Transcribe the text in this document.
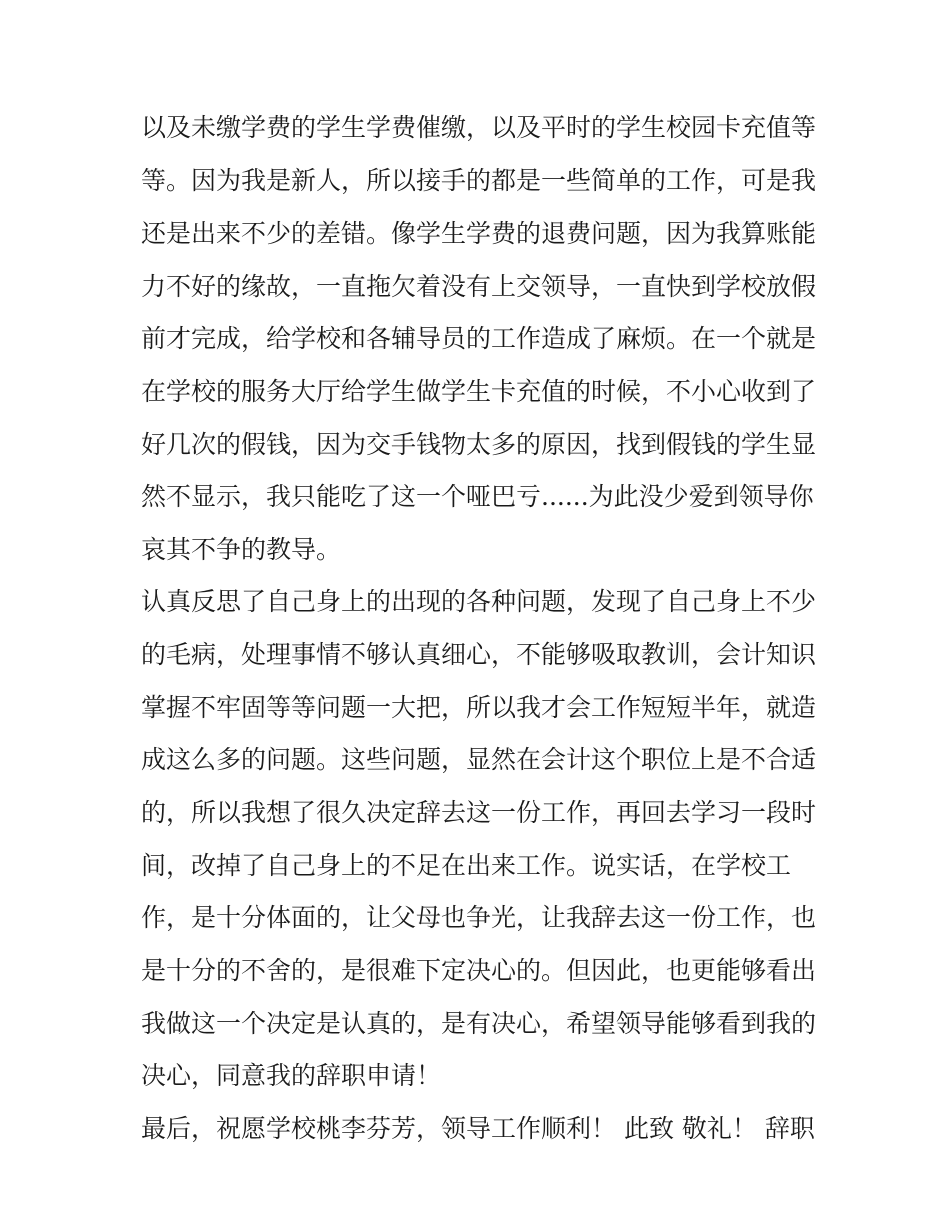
以及未缴学费的学生学费催缴，以及平时的学生校园卡充值等
等。因为我是新人，所以接手的都是一些简单的工作，可是我
还是出来不少的差错。像学生学费的退费问题，因为我算账能
力不好的缘故，一直拖欠着没有上交领导，一直快到学校放假
前才完成，给学校和各辅导员的工作造成了麻烦。在一个就是
在学校的服务大厅给学生做学生卡充值的时候，不小心收到了
好几次的假钱，因为交手钱物太多的原因，找到假钱的学生显
然不显示，我只能吃了这一个哑巴亏......为此没少爱到领导你
哀其不争的教导。
认真反思了自己身上的出现的各种问题，发现了自己身上不少
的毛病，处理事情不够认真细心，不能够吸取教训，会计知识
掌握不牢固等等问题一大把，所以我才会工作短短半年，就造
成这么多的问题。这些问题，显然在会计这个职位上是不合适
的，所以我想了很久决定辞去这一份工作，再回去学习一段时
间，改掉了自己身上的不足在出来工作。说实话，在学校工
作，是十分体面的，让父母也争光，让我辞去这一份工作，也
是十分的不舍的，是很难下定决心的。但因此，也更能够看出
我做这一个决定是认真的，是有决心，希望领导能够看到我的
决心，同意我的辞职申请！
最后，祝愿学校桃李芬芳，领导工作顺利！ 此致 敬礼！ 辞职
